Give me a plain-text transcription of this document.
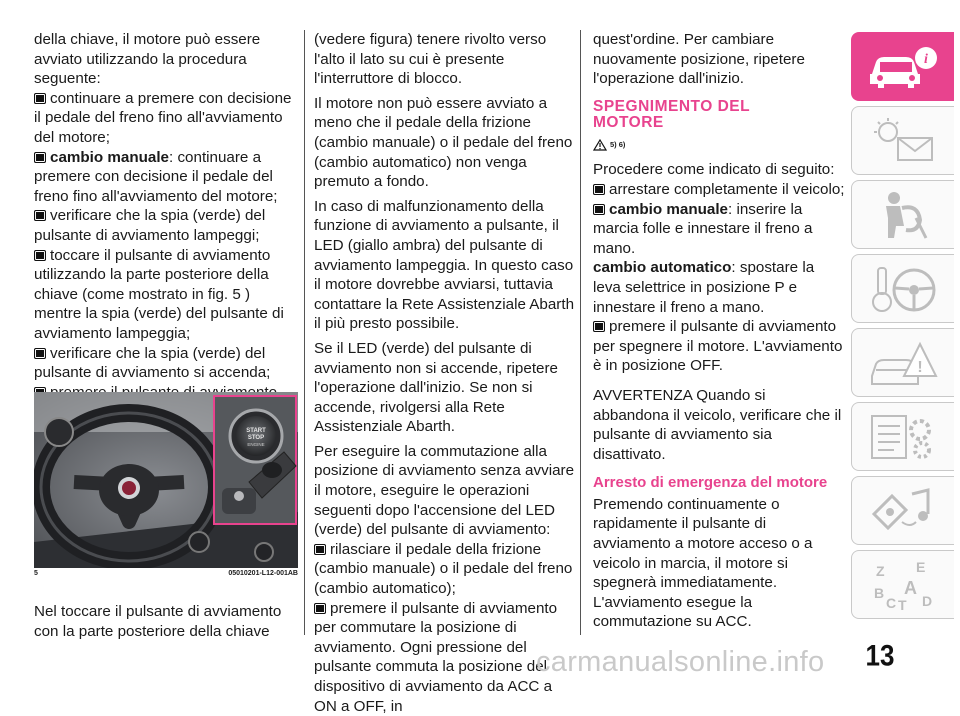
della chiave, il motore può essere avviato utilizzando la procedura seguente:

continuare a premere con decisione il pedale del freno fino all'avviamento del motore;

cambio manuale: continuare a premere con decisione il pedale del freno fino all'avviamento del motore;

verificare che la spia (verde) del pulsante di avviamento lampeggi;

toccare il pulsante di avviamento utilizzando la parte posteriore della chiave (come mostrato in fig. 5 ) mentre la spia (verde) del pulsante di avviamento lampeggia;

verificare che la spia (verde) del pulsante di avviamento si accenda;

START
STOP
ENGINE
5	05010201-L12-001AB

Nel toccare il pulsante di avviamento con la parte posteriore della chiave

(vedere figura) tenere rivolto verso l'alto il lato su cui è presente l'interruttore di blocco.

Il motore non può essere avviato a meno che il pedale della frizione (cambio manuale) o il pedale del freno (cambio automatico) non venga premuto a fondo.

In caso di malfunzionamento della funzione di avviamento a pulsante, il LED (giallo ambra) del pulsante di avviamento lampeggia. In questo caso il motore dovrebbe avviarsi, tuttavia contattare la Rete Assistenziale Abarth il più presto possibile.

Se il LED (verde) del pulsante di avviamento non si accende, ripetere l'operazione dall'inizio. Se non si accende, rivolgersi alla Rete Assistenziale Abarth.

Per eseguire la commutazione alla posizione di avviamento senza avviare il motore, eseguire le operazioni seguenti dopo l'accensione del LED (verde) del pulsante di avviamento:

rilasciare il pedale della frizione (cambio manuale) o il pedale del freno (cambio automatico);

premere il pulsante di avviamento per commutare la posizione di avviamento. Ogni pressione del pulsante commuta la posizione del dispositivo di avviamento da ACC a ON a OFF, in

quest'ordine. Per cambiare nuovamente posizione, ripetere l'operazione dall'inizio.

SPEGNIMENTO DEL
MOTORE
5) 6)

Procedere come indicato di seguito:

arrestare completamente il veicolo;

cambio manuale: inserire la marcia folle e innestare il freno a mano.

cambio automatico: spostare la leva selettrice in posizione P e innestare il freno a mano.

premere il pulsante di avviamento per spegnere il motore. L'avviamento è in posizione OFF.

AVVERTENZA Quando si abbandona il veicolo, verificare che il pulsante di avviamento sia disattivato.

Arresto di emergenza del motore

Premendo continuamente o rapidamente il pulsante di avviamento a motore acceso o a veicolo in marcia, il motore si spegnerà immediatamente. L'avviamento esegue la commutazione su ACC.

i
!
Z E
B A
C T D
13
carmanualsonline.info
